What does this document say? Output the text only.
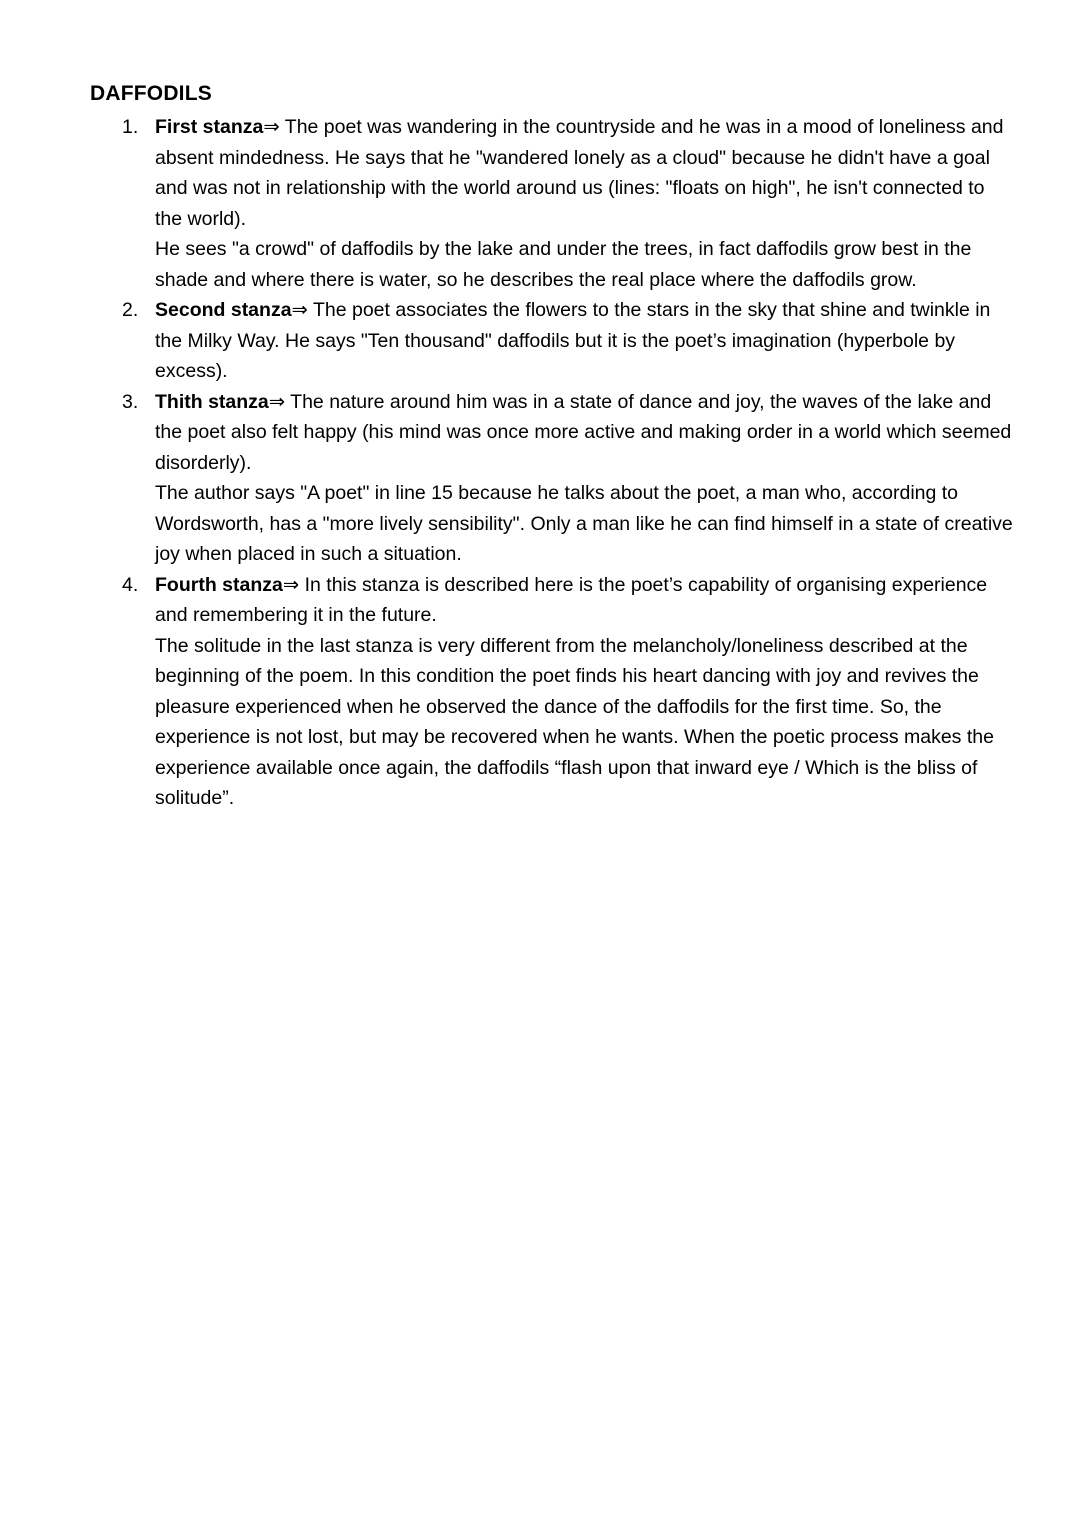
DAFFODILS
1. First stanza⇒ The poet was wandering in the countryside and he was in a mood of loneliness and absent mindedness. He says that he "wandered lonely as a cloud" because he didn't have a goal and was not in relationship with the world around us (lines: "floats on high", he isn't connected to the world).

He sees "a crowd" of daffodils by the lake and under the trees, in fact daffodils grow best in the shade and where there is water, so he describes the real place where the daffodils grow.

2. Second stanza⇒ The poet associates the flowers to the stars in the sky that shine and twinkle in the Milky Way. He says "Ten thousand" daffodils but it is the poet’s imagination (hyperbole by excess).

3. Thith stanza⇒ The nature around him was in a state of dance and joy, the waves of the lake and the poet also felt happy (his mind was once more active and making order in a world which seemed disorderly).

The author says "A poet" in line 15 because he talks about the poet, a man who, according to Wordsworth, has a "more lively sensibility". Only a man like he can find himself in a state of creative joy when placed in such a situation.

4. Fourth stanza⇒ In this stanza is described here is the poet’s capability of organising experience and remembering it in the future.

The solitude in the last stanza is very different from the melancholy/loneliness described at the beginning of the poem. In this condition the poet finds his heart dancing with joy and revives the pleasure experienced when he observed the dance of the daffodils for the first time. So, the experience is not lost, but may be recovered when he wants. When the poetic process makes the experience available once again, the daffodils “flash upon that inward eye / Which is the bliss of solitude”.
